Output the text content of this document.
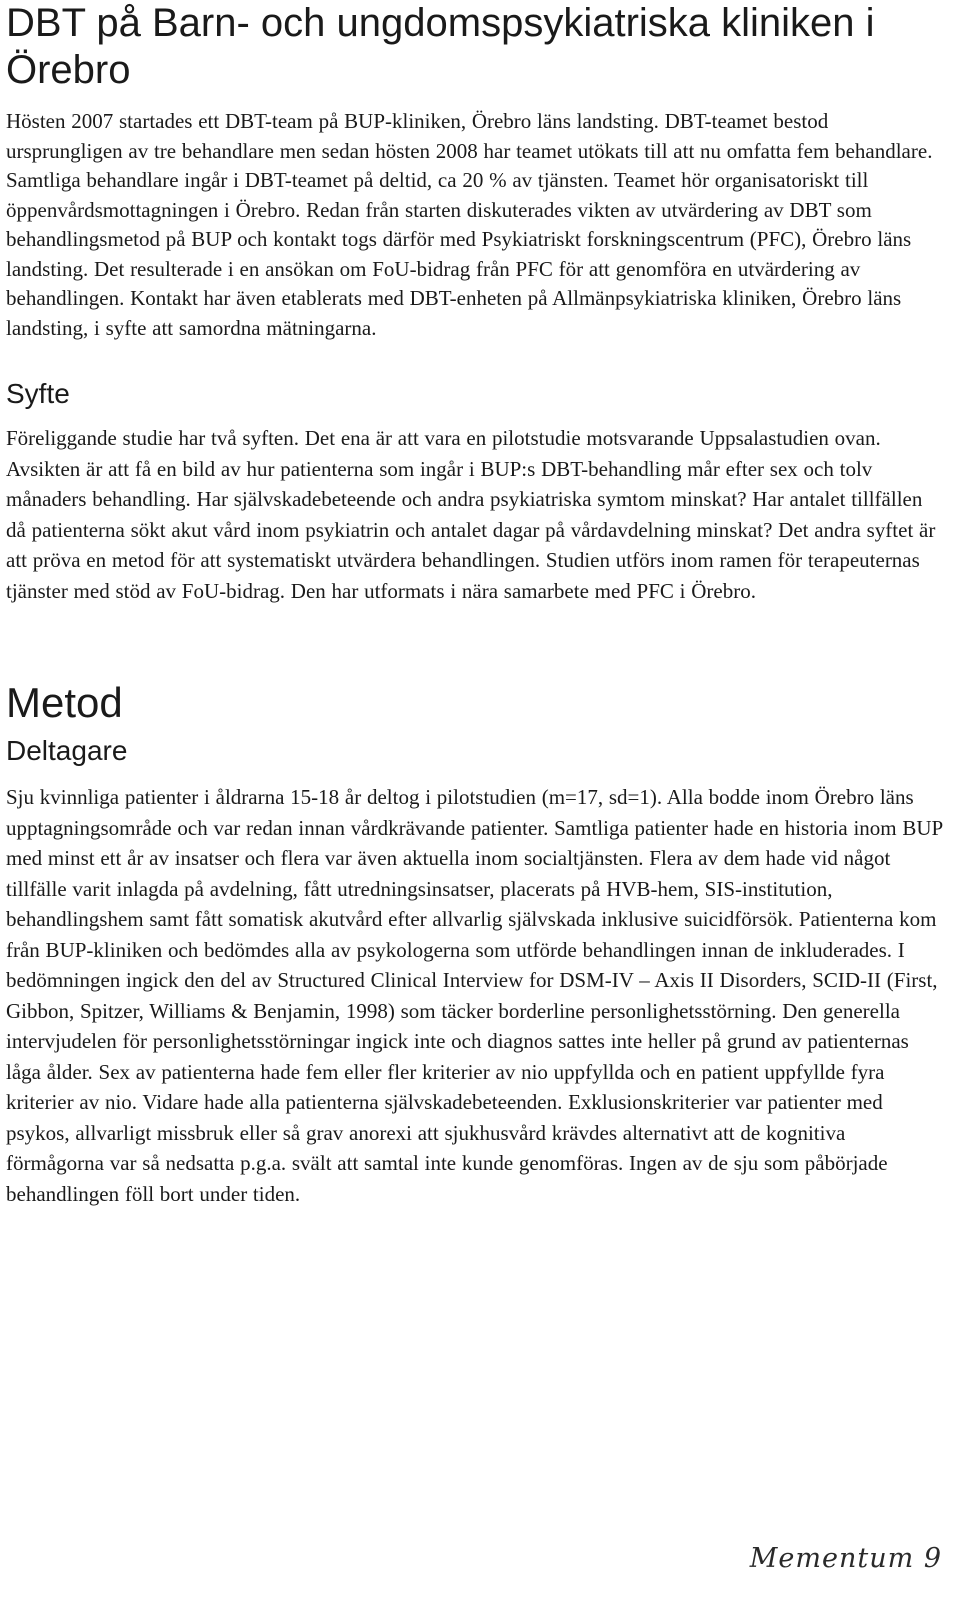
DBT på Barn- och ungdomspsykiatriska kliniken i Örebro

Hösten 2007 startades ett DBT-team på BUP-kliniken, Örebro läns landsting. DBT-teamet bestod ursprungligen av tre behandlare men sedan hösten 2008 har teamet utökats till att nu omfatta fem behandlare. Samtliga behandlare ingår i DBT-teamet på deltid, ca 20 % av tjänsten. Teamet hör organisatoriskt till öppenvårdsmottagningen i Örebro. Redan från starten diskuterades vikten av utvärdering av DBT som behandlingsmetod på BUP och kontakt togs därför med Psykiatriskt forskningscentrum (PFC), Örebro läns landsting. Det resulterade i en ansökan om FoU-bidrag från PFC för att genomföra en utvärdering av behandlingen. Kontakt har även etablerats med DBT-enheten på Allmänpsykiatriska kliniken, Örebro läns landsting, i syfte att samordna mätningarna.

Syfte

Föreliggande studie har två syften. Det ena är att vara en pilotstudie motsvarande Uppsalastudien ovan. Avsikten är att få en bild av hur patienterna som ingår i BUP:s DBT-behandling mår efter sex och tolv månaders behandling. Har självskadebeteende och andra psykiatriska symtom minskat? Har antalet tillfällen då patienterna sökt akut vård inom psykiatrin och antalet dagar på vårdavdelning minskat? Det andra syftet är att pröva en metod för att systematiskt utvärdera behandlingen. Studien utförs inom ramen för terapeuternas tjänster med stöd av FoU-bidrag. Den har utformats i nära samarbete med PFC i Örebro.

Metod
Deltagare

Sju kvinnliga patienter i åldrarna 15-18 år deltog i pilotstudien (m=17, sd=1). Alla bodde inom Örebro läns upptagningsområde och var redan innan vårdkrävande patienter. Samtliga patienter hade en historia inom BUP med minst ett år av insatser och flera var även aktuella inom socialtjänsten. Flera av dem hade vid något tillfälle varit inlagda på avdelning, fått utredningsinsatser, placerats på HVB-hem, SIS-institution, behandlingshem samt fått somatisk akutvård efter allvarlig självskada inklusive suicidförsök. Patienterna kom från BUP-kliniken och bedömdes alla av psykologerna som utförde behandlingen innan de inkluderades. I bedömningen ingick den del av Structured Clinical Interview for DSM-IV – Axis II Disorders, SCID-II (First, Gibbon, Spitzer, Williams & Benjamin, 1998) som täcker borderline personlighetsstörning. Den generella intervjudelen för personlighetsstörningar ingick inte och diagnos sattes inte heller på grund av patienternas låga ålder. Sex av patienterna hade fem eller fler kriterier av nio uppfyllda och en patient uppfyllde fyra kriterier av nio. Vidare hade alla patienterna självskadebeteenden. Exklusionskriterier var patienter med psykos, allvarligt missbruk eller så grav anorexi att sjukhusvård krävdes alternativt att de kognitiva förmågorna var så nedsatta p.g.a. svält att samtal inte kunde genomföras. Ingen av de sju som påbörjade behandlingen föll bort under tiden.

Mementum 9
